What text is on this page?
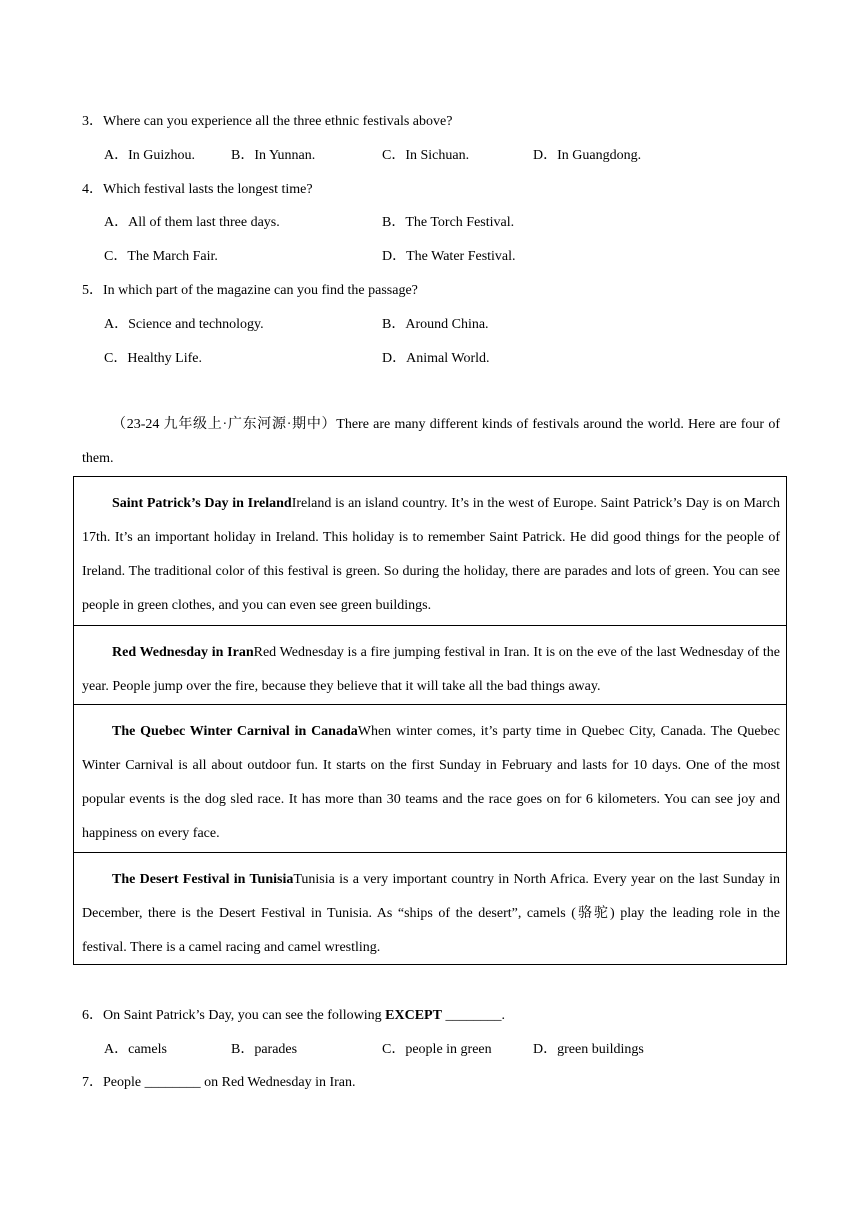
3．Where can you experience all the three ethnic festivals above?
A．In Guizhou.	B．In Yunnan.	C．In Sichuan.	D．In Guangdong.
4．Which festival lasts the longest time?
A．All of them last three days.	B．The Torch Festival.
C．The March Fair.	D．The Water Festival.
5．In which part of the magazine can you find the passage?
A．Science and technology.	B．Around China.
C．Healthy Life.	D．Animal World.
（23-24 九年级上·广东河源·期中）There are many different kinds of festivals around the world. Here are four of them.
Saint Patrick’s Day in IrelandIreland is an island country. It’s in the west of Europe. Saint Patrick’s Day is on March 17th. It’s an important holiday in Ireland. This holiday is to remember Saint Patrick. He did good things for the people of Ireland. The traditional color of this festival is green. So during the holiday, there are parades and lots of green. You can see people in green clothes, and you can even see green buildings.
Red Wednesday in IranRed Wednesday is a fire jumping festival in Iran. It is on the eve of the last Wednesday of the year. People jump over the fire, because they believe that it will take all the bad things away.
The Quebec Winter Carnival in CanadaWhen winter comes, it’s party time in Quebec City, Canada. The Quebec Winter Carnival is all about outdoor fun. It starts on the first Sunday in February and lasts for 10 days. One of the most popular events is the dog sled race. It has more than 30 teams and the race goes on for 6 kilometers. You can see joy and happiness on every face.
The Desert Festival in TunisiaTunisia is a very important country in North Africa. Every year on the last Sunday in December, there is the Desert Festival in Tunisia. As “ships of the desert”, camels (骆驼) play the leading role in the festival. There is a camel racing and camel wrestling.
6．On Saint Patrick’s Day, you can see the following EXCEPT ________.
A．camels	B．parades	C．people in green	D．green buildings
7．People ________ on Red Wednesday in Iran.
